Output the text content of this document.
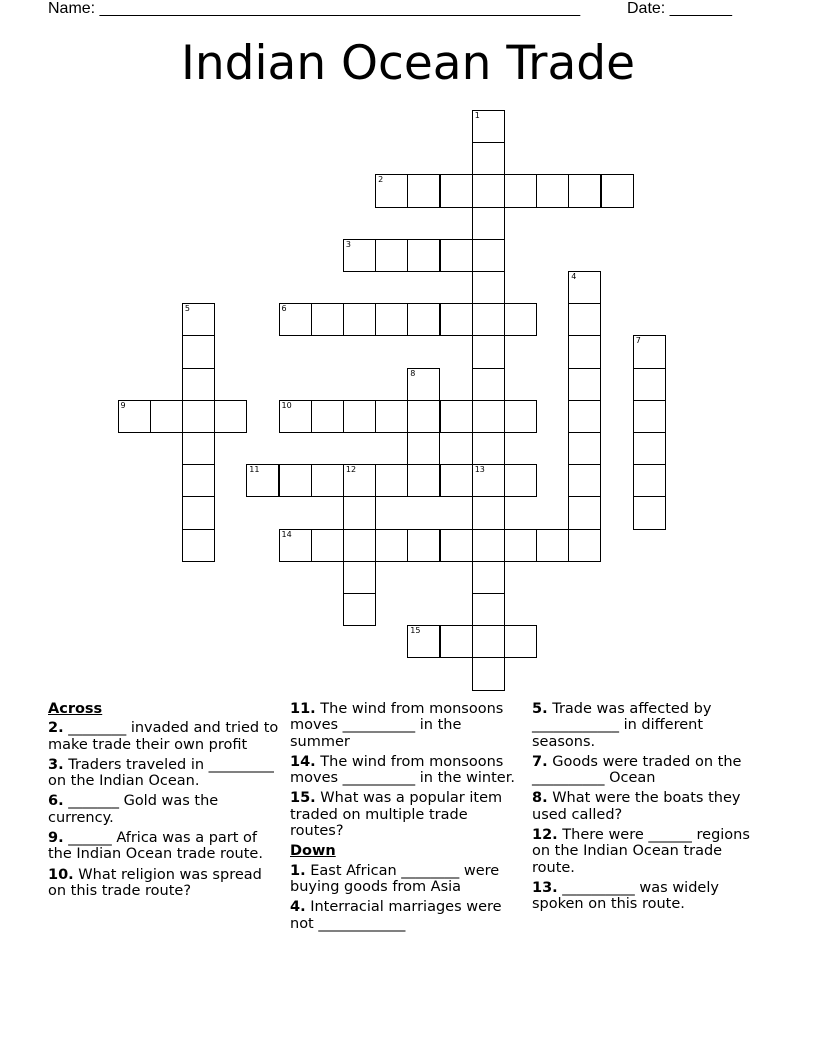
Name: ______________________________________________________	Date: _______
Indian Ocean Trade
1
13
2
3
4
5	6
7
8
9	10
11	12
14
15
Across
2. ________ invaded and tried to make trade their own profit
3. Traders traveled in _________ on the Indian Ocean.
6. _______ Gold was the currency.
9. ______ Africa was a part of the Indian Ocean trade route.
10. What religion was spread on this trade route?
11. The wind from monsoons moves __________ in the summer
14. The wind from monsoons moves __________ in the winter.
15. What was a popular item traded on multiple trade routes?
Down
1. East African ________ were buying goods from Asia
4. Interracial marriages were not ____________
5. Trade was affected by ____________ in different seasons.
7. Goods were traded on the __________ Ocean
8. What were the boats they used called?
12. There were ______ regions on the Indian Ocean trade route.
13. __________ was widely spoken on this route.
